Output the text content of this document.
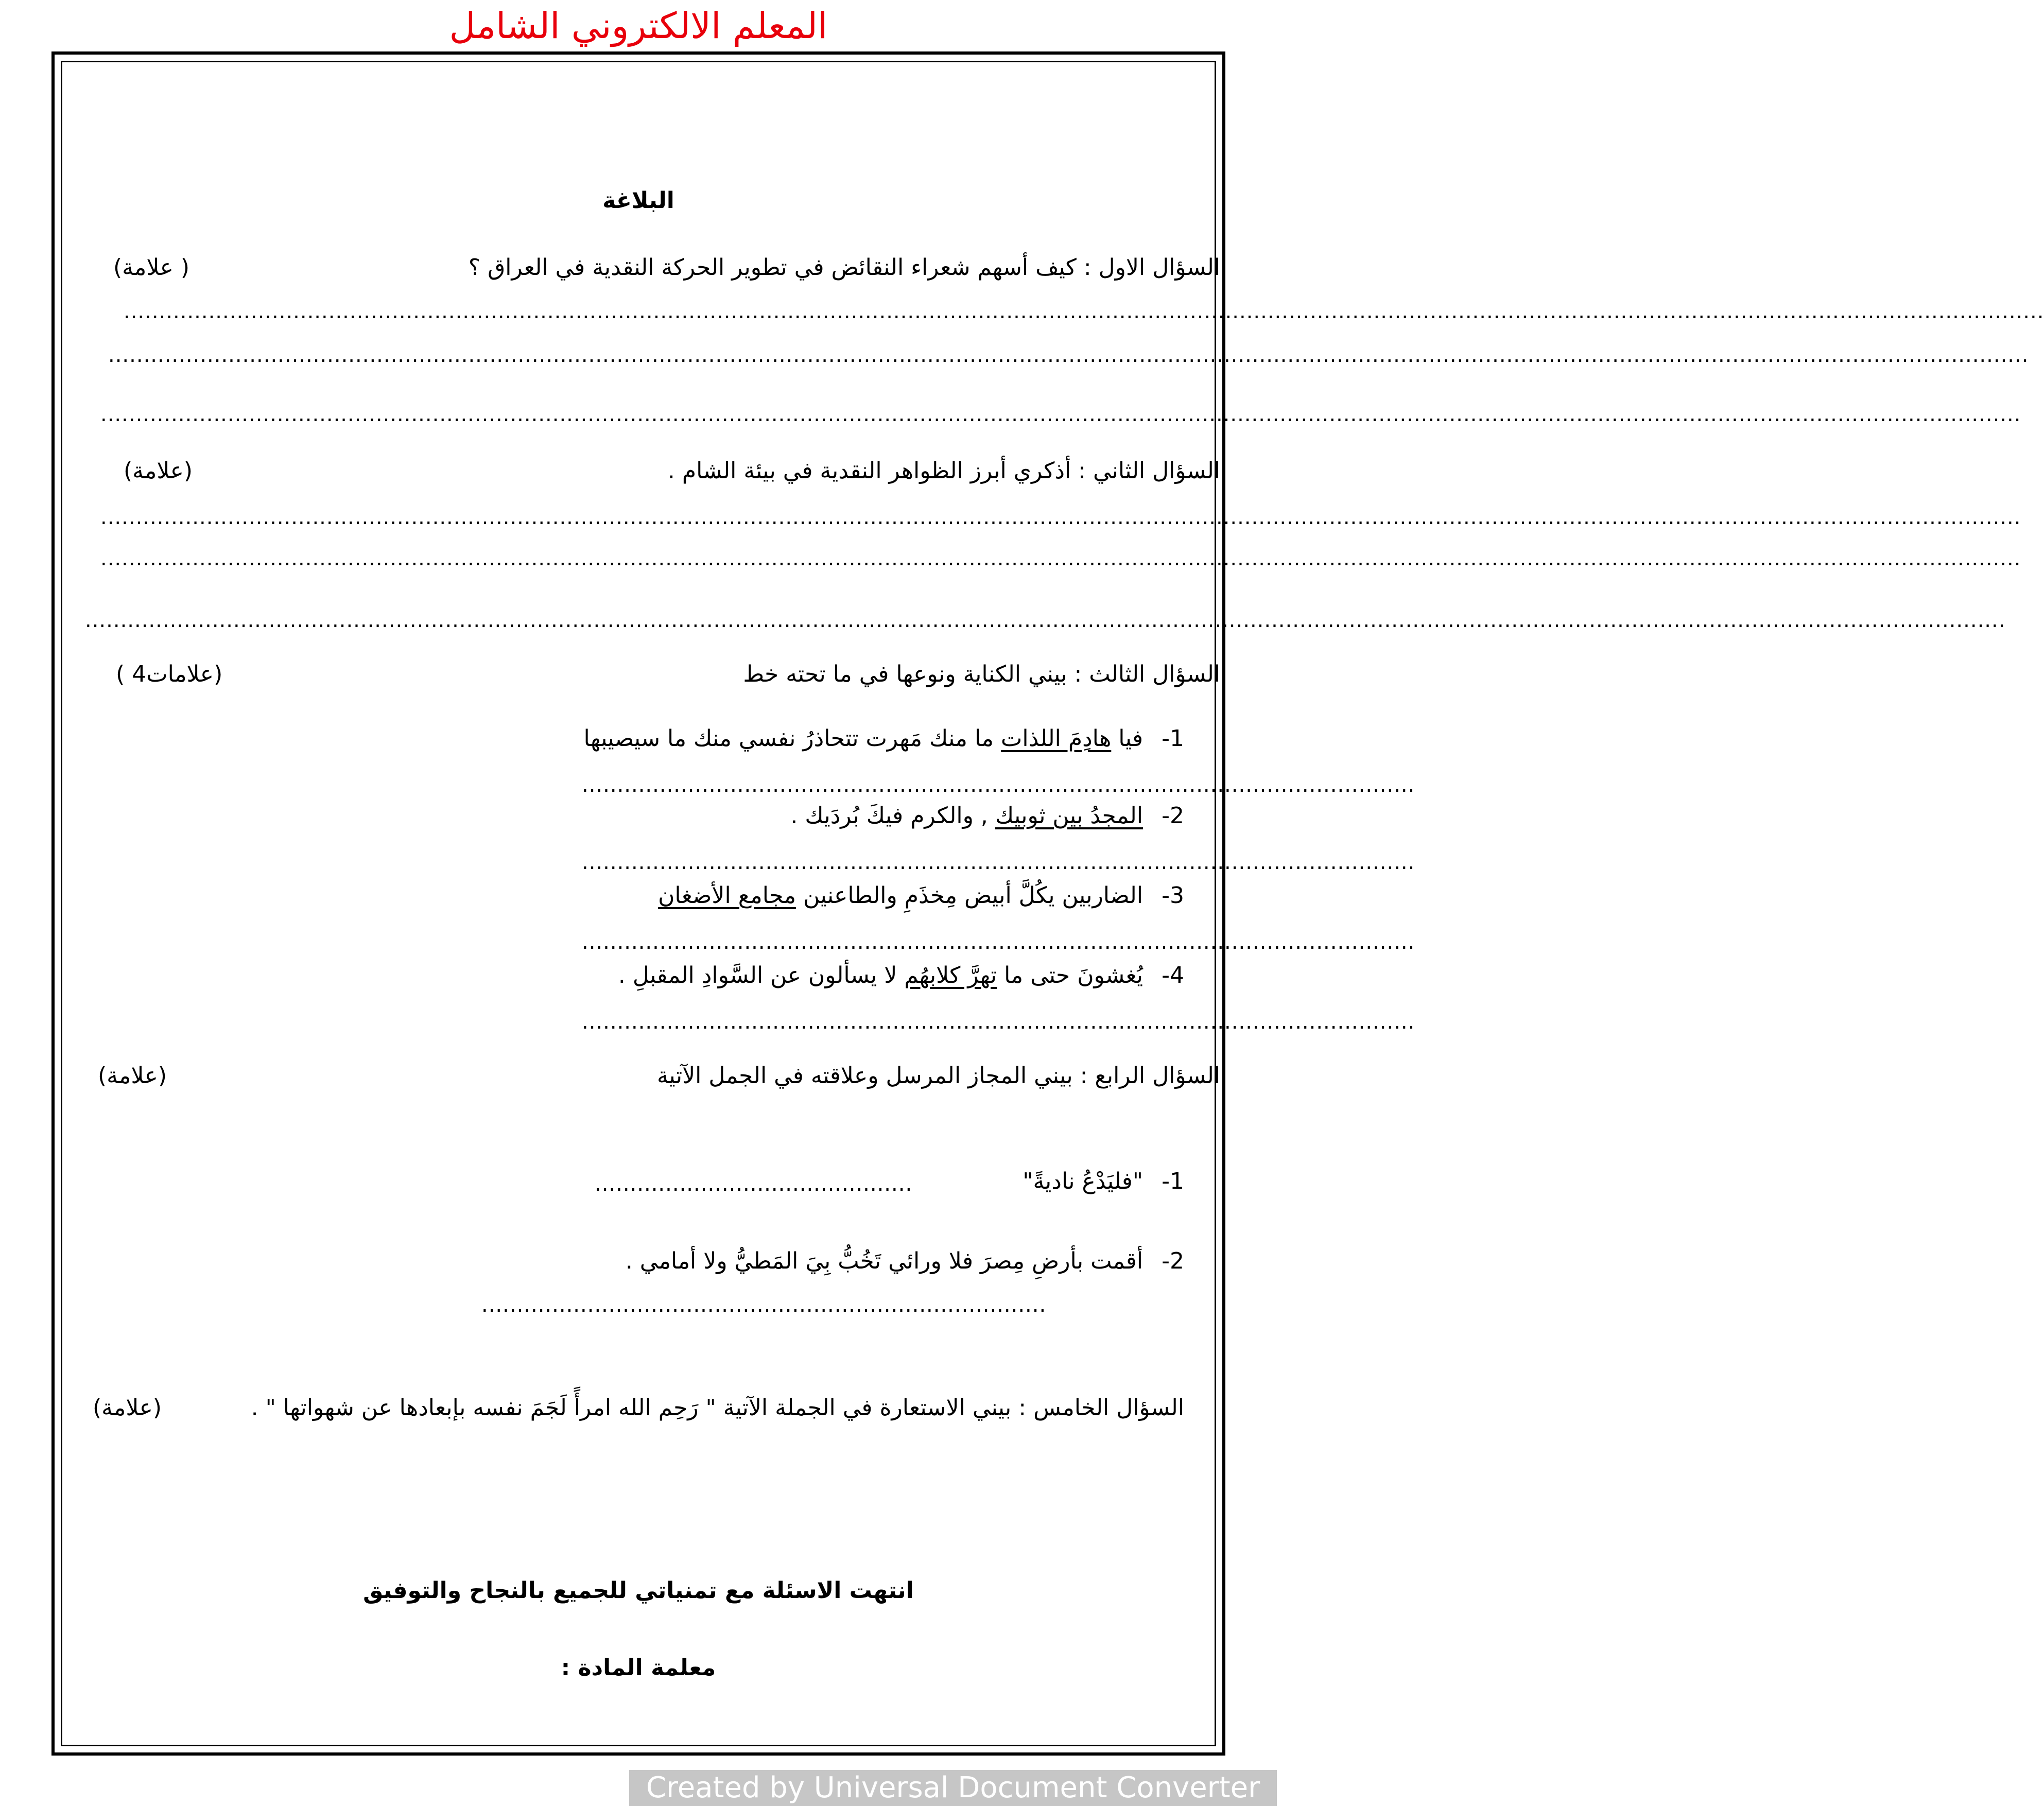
المعلم الالكتروني الشامل
البلاغة
السؤال الاول : كيف أسهم شعراء النقائض في تطوير الحركة النقدية في العراق ؟
(علامة )
................................................................................................................................................................................................................................................................................
................................................................................................................................................................................................................................................................................
................................................................................................................................................................................................................................................................................
السؤال الثاني : أذكري أبرز الظواهر النقدية في بيئة الشام .
(علامة)
................................................................................................................................................................................................................................................................................
................................................................................................................................................................................................................................................................................
................................................................................................................................................................................................................................................................................
السؤال الثالث : بيني الكناية ونوعها في ما تحته خط
( 4علامات)
-1
فيا هادِمَ اللذات ما منك مَهرت تتحاذرُ نفسي منك ما سيصيبها
......................................................................................................................
-2
المجدُ بين ثوبيك , والكرم فيكَ بُردَيك .
......................................................................................................................
-3
الضاربين يكُلَّ أبيض مِخذَمِ والطاعنين مجامع الأضغان
......................................................................................................................
-4
يُغشونَ حتى ما تهرَّ كلابهُم لا يسألون عن السَّوادِ المقبلِ .
......................................................................................................................
السؤال الرابع : بيني المجاز المرسل وعلاقته في الجمل الآتية
(علامة)
-1
"فليَدْعُ ناديةً"
.............................................
-2
أقمت بأرضِ مِصرَ فلا ورائي تَخُبُّ بِيَ المَطيُّ ولا أمامي .
................................................................................
السؤال الخامس : بيني الاستعارة في الجملة الآتية " رَحِم الله امرأً لَجَمَ نفسه بإبعادها عن شهواتها " .
(علامة)
انتهت الاسئلة مع تمنياتي للجميع بالنجاح والتوفيق
معلمة المادة :
Created by Universal Document Converter
